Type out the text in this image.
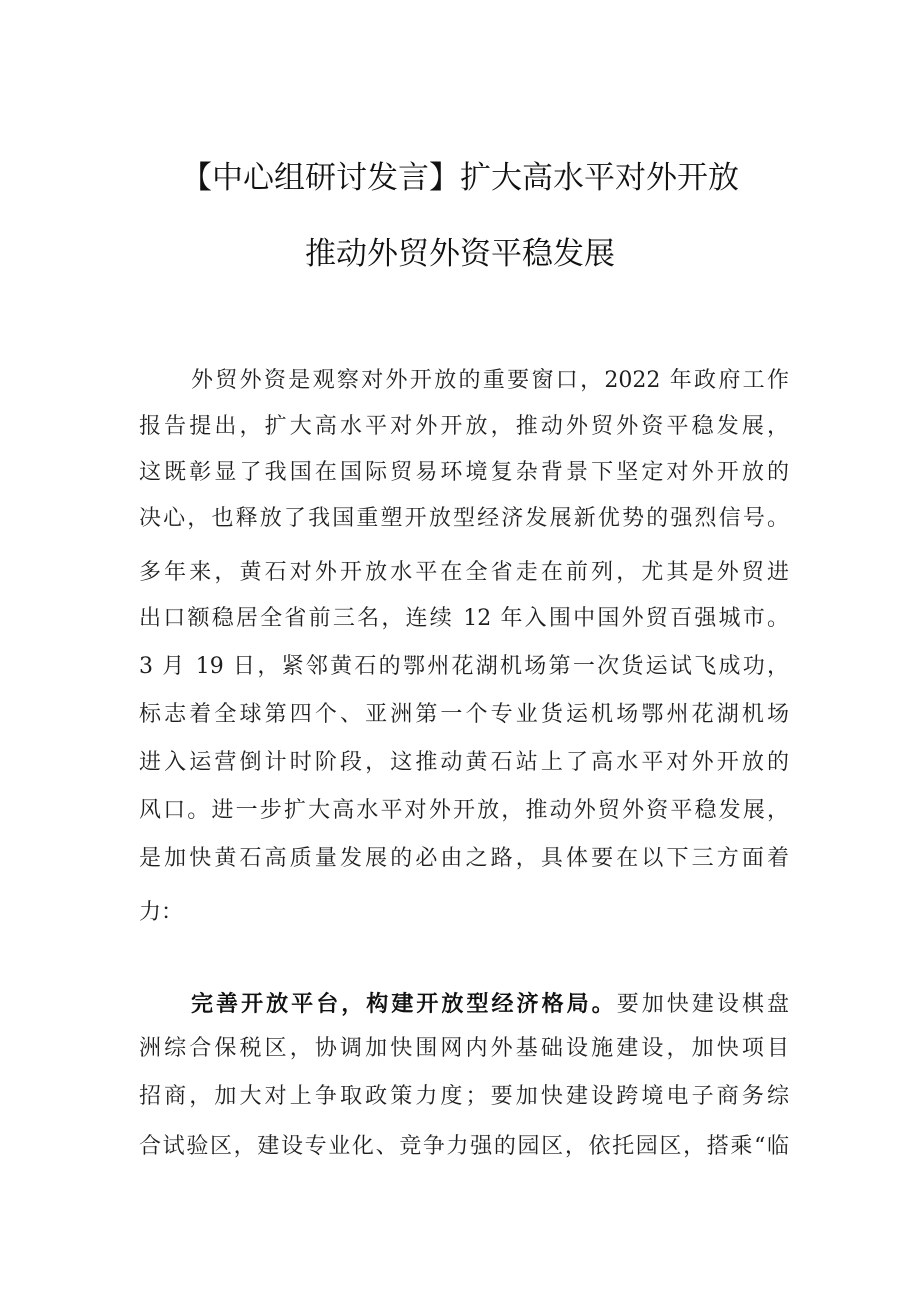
【中心组研讨发言】扩大高水平对外开放
推动外贸外资平稳发展
外贸外资是观察对外开放的重要窗口，2022 年政府工作
报告提出，扩大高水平对外开放，推动外贸外资平稳发展，
这既彰显了我国在国际贸易环境复杂背景下坚定对外开放的
决心，也释放了我国重塑开放型经济发展新优势的强烈信号。
多年来，黄石对外开放水平在全省走在前列，尤其是外贸进
出口额稳居全省前三名，连续 12 年入围中国外贸百强城市。
3 月 19 日，紧邻黄石的鄂州花湖机场第一次货运试飞成功，
标志着全球第四个、亚洲第一个专业货运机场鄂州花湖机场
进入运营倒计时阶段，这推动黄石站上了高水平对外开放的
风口。进一步扩大高水平对外开放，推动外贸外资平稳发展，
是加快黄石高质量发展的必由之路，具体要在以下三方面着
力：
完善开放平台，构建开放型经济格局。要加快建设棋盘
洲综合保税区，协调加快围网内外基础设施建设，加快项目
招商，加大对上争取政策力度；要加快建设跨境电子商务综
合试验区，建设专业化、竞争力强的园区，依托园区，搭乘“临
